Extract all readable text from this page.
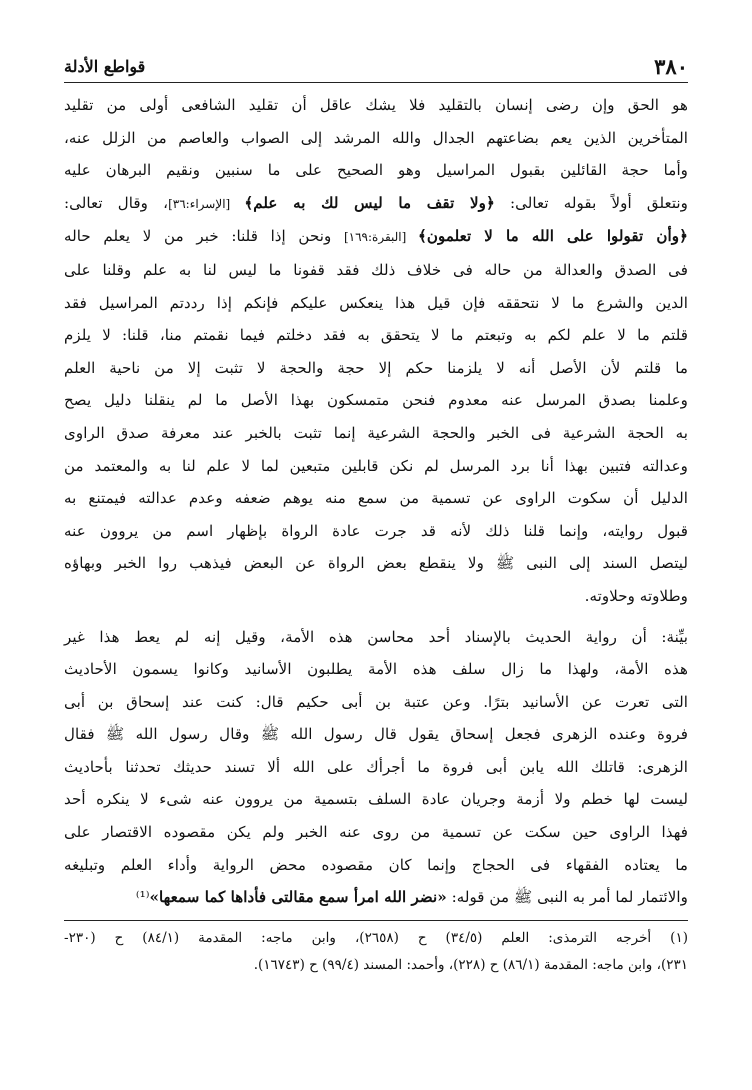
٣٨٠
قواطع الأدلة

هو الحق وإن رضى إنسان بالتقليد فلا يشك عاقل أن تقليد الشافعى أولى من تقليد

المتأخرين الذين يعم بضاعتهم الجدال والله المرشد إلى الصواب والعاصم من الزلل عنه،

وأما حجة القائلين بقبول المراسيل وهو الصحيح على ما سنبين ونقيم البرهان عليه

ونتعلق أولاً بقوله تعالى: ﴿ولا تقف ما ليس لك به علم﴾ [الإسراء:٣٦]، وقال تعالى:

﴿وأن تقولوا على الله ما لا تعلمون﴾ [البقرة:١٦٩] ونحن إذا قلنا: خبر من لا يعلم حاله

فى الصدق والعدالة من حاله فى خلاف ذلك فقد قفونا ما ليس لنا به علم وقلنا على

الدين والشرع ما لا نتحققه فإن قيل هذا ينعكس عليكم فإنكم إذا رددتم المراسيل فقد

قلتم ما لا علم لكم به وتبعتم ما لا يتحقق به فقد دخلتم فيما نقمتم منا، قلنا: لا يلزم

ما قلتم لأن الأصل أنه لا يلزمنا حكم إلا حجة والحجة لا تثبت إلا من ناحية العلم

وعلمنا بصدق المرسل عنه معدوم فنحن متمسكون بهذا الأصل ما لم ينقلنا دليل يصح

به الحجة الشرعية فى الخبر والحجة الشرعية إنما تثبت بالخبر عند معرفة صدق الراوى

وعدالته فتبين بهذا أنا برد المرسل لم نكن قابلين متبعين لما لا علم لنا به والمعتمد من

الدليل أن سكوت الراوى عن تسمية من سمع منه يوهم ضعفه وعدم عدالته فيمتنع به

قبول روايته، وإنما قلنا ذلك لأنه قد جرت عادة الرواة بإظهار اسم من يروون عنه

ليتصل السند إلى النبى ﷺ ولا ينقطع بعض الرواة عن البعض فيذهب روا الخبر وبهاؤه

وطلاوته وحلاوته.

بيِّنة: أن رواية الحديث بالإسناد أحد محاسن هذه الأمة، وقيل إنه لم يعط هذا غير

هذه الأمة، ولهذا ما زال سلف هذه الأمة يطلبون الأسانيد وكانوا يسمون الأحاديث

التى تعرت عن الأسانيد بترًا. وعن عتبة بن أبى حكيم قال: كنت عند إسحاق بن أبى

فروة وعنده الزهرى فجعل إسحاق يقول قال رسول الله ﷺ وقال رسول الله ﷺ فقال

الزهرى: قاتلك الله يابن أبى فروة ما أجرأك على الله ألا تسند حديثك تحدثنا بأحاديث

ليست لها خطم ولا أزمة وجريان عادة السلف بتسمية من يروون عنه شىء لا ينكره أحد

فهذا الراوى حين سكت عن تسمية من روى عنه الخبر ولم يكن مقصوده الاقتصار على

ما يعتاده الفقهاء فى الحجاج وإنما كان مقصوده محض الرواية وأداء العلم وتبليغه

والائتمار لما أمر به النبى ﷺ من قوله: «نضر الله امرأ سمع مقالتى فأداها كما سمعها»⁽¹⁾

(١) أخرجه الترمذى: العلم (٣٤/٥) ح (٢٦٥٨)، وابن ماجه: المقدمة (٨٤/١) ح (٢٣٠-

٢٣١)، وابن ماجه: المقدمة (٨٦/١) ح (٢٢٨)، وأحمد: المسند (٩٩/٤) ح (١٦٧٤٣).
